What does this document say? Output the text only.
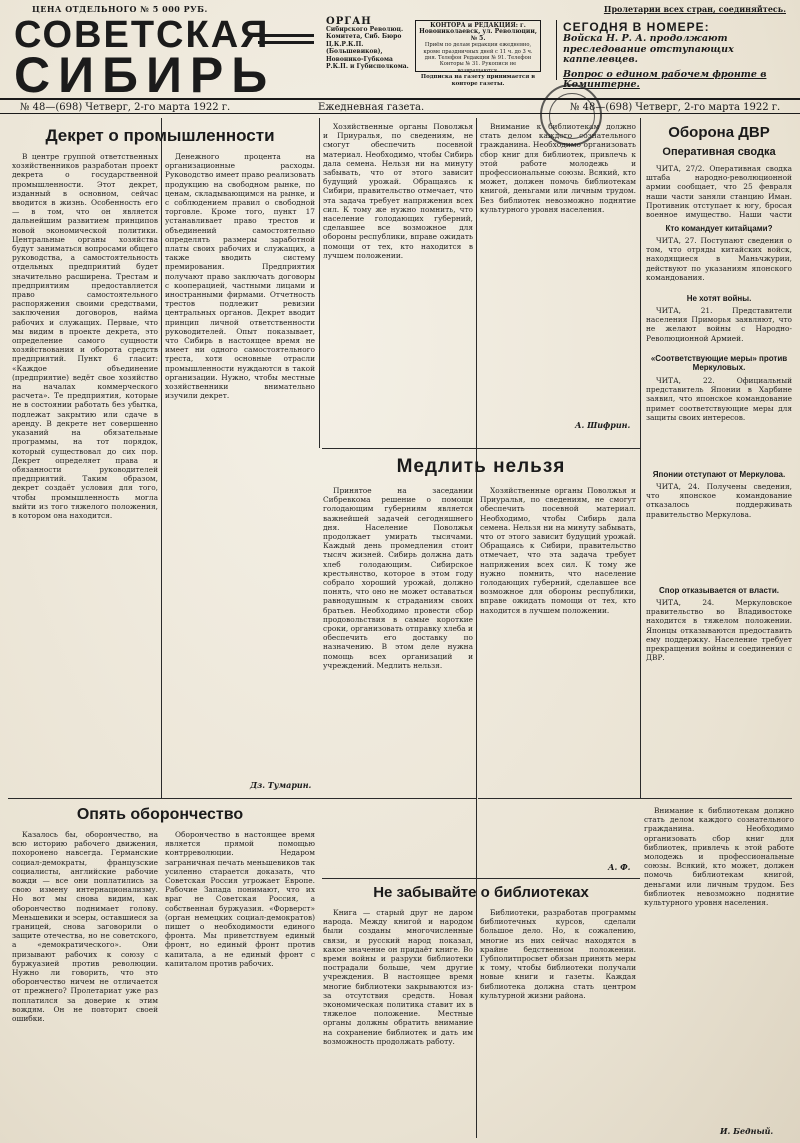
ЦЕНА ОТДЕЛЬНОГО № 5 000 РУБ.	Пролетарии всех стран, соединяйтесь.
СОВЕТСКАЯ
СИБИРЬ
ОРГАН
Сибирского Революц. Комитета, Сиб. Бюро Ц.К.Р.К.П. (Большевиков), Новонико-Губкома Р.К.П. и Губисполкома.
КОНТОРА и РЕДАКЦИЯ: г. Новониколаевск, ул. Революции, № 5.
Приём по делам редакции ежедневно, кроме праздничных дней с 11 ч. до 3 ч. дня. Телефон Редакции № 91. Телефон Конторы № 31. Рукописи не возвращаются.
Подписка на газету принимается в конторе газеты.
СЕГОДНЯ В НОМЕРЕ:
Войска Н. Р. А. продолжают преследование отступающих каппелевцев.
Вопрос о едином рабочем фронте в Коминтерне.
№ 48—(698) Четверг, 2-го марта 1922 г.	Ежедневная газета.	№ 48—(698) Четверг, 2-го марта 1922 г.
Декрет о промышленности

В центре группой ответственных хозяйственников разработан проект декрета о государственной промышленности. Этот декрет, изданный в основном, сейчас вводится в жизнь. Особенность его — в том, что он является дальнейшим развитием принципов новой экономической политики. Центральные органы хозяйства будут заниматься вопросами общего руководства, а самостоятельность отдельных предприятий будет значительно расширена. Трестам и предприятиям предоставляется право самостоятельного распоряжения своими средствами, заключения договоров, найма рабочих и служащих. Первые, что мы видим в проекте декрета, это определение самого сущности хозяйствования и оборота средств предприятий. Пункт 6 гласит: «Каждое объединение (предприятие) ведёт свое хозяйство на началах коммерческого расчета». Те предприятия, которые не в состоянии работать без убытка, подлежат закрытию или сдаче в аренду. В декрете нет совершенно указаний на обязательные программы, на тот порядок, который существовал до сих пор. Декрет определяет права и обязанности руководителей предприятий. Таким образом, декрет создаёт условия для того, чтобы промышленность могла выйти из того тяжелого положения, в котором она находится.

Денежного процента на организационные расходы. Руководство имеет право реализовать продукцию на свободном рынке, по ценам, складывающимся на рынке, и с соблюдением правил о свободной торговле. Кроме того, пункт 17 устанавливает право трестов и объединений самостоятельно определять размеры заработной платы своих рабочих и служащих, а также вводить систему премирования. Предприятия получают право заключать договоры с кооперацией, частными лицами и иностранными фирмами. Отчетность трестов подлежит ревизии центральных органов. Декрет вводит принцип личной ответственности руководителей. Опыт показывает, что Сибирь в настоящее время не имеет ни одного самостоятельного треста, хотя основные отрасли промышленности нуждаются в такой организации. Нужно, чтобы местные хозяйственники внимательно изучили декрет.

Дз. Тумарин.

Хозяйственные органы Поволжья и Приуралья, по сведениям, не смогут обеспечить посевной материал. Необходимо, чтобы Сибирь дала семена. Нельзя ни на минуту забывать, что от этого зависит будущий урожай. Обращаясь к Сибири, правительство отмечает, что эта задача требует напряжения всех сил. К тому же нужно помнить, что население голодающих губерний, сделавшее все возможное для обороны республики, вправе ожидать помощи от тех, кто находится в лучшем положении.

Внимание к библиотекам должно стать делом каждого сознательного гражданина. Необходимо организовать сбор книг для библиотек, привлечь к этой работе молодежь и профессиональные союзы. Всякий, кто может, должен помочь библиотекам книгой, деньгами или личным трудом. Без библиотек невозможно поднятие культурного уровня населения.

А. Шифрин.
Медлить нельзя

Принятое на заседании Сибревкома решение о помощи голодающим губерниям является важнейшей задачей сегодняшнего дня. Население Поволжья продолжает умирать тысячами. Каждый день промедления стоит тысяч жизней. Сибирь должна дать хлеб голодающим. Сибирское крестьянство, которое в этом году собрало хороший урожай, должно понять, что оно не может оставаться равнодушным к страданиям своих братьев. Необходимо провести сбор продовольствия в самые короткие сроки, организовать отправку хлеба и обеспечить его доставку по назначению. В этом деле нужна помощь всех организаций и учреждений. Медлить нельзя.

Хозяйственные органы Поволжья и Приуралья, по сведениям, не смогут обеспечить посевной материал. Необходимо, чтобы Сибирь дала семена. Нельзя ни на минуту забывать, что от этого зависит будущий урожай. Обращаясь к Сибири, правительство отмечает, что эта задача требует напряжения всех сил. К тому же нужно помнить, что население голодающих губерний, сделавшее все возможное для обороны республики, вправе ожидать помощи от тех, кто находится в лучшем положении.

А. Ф.
Опять оборончество

Казалось бы, оборончество, на всю историю рабочего движения, похоронено навсегда. Германские социал-демократы, французские социалисты, английские рабочие вожди — все они поплатились за свою измену интернационализму. Но вот мы снова видим, как оборончество поднимает голову. Меньшевики и эсеры, оставшиеся за границей, снова заговорили о защите отечества, но не советского, а «демократического». Они призывают рабочих к союзу с буржуазией против революции. Нужно ли говорить, что это оборончество ничем не отличается от прежнего? Пролетариат уже раз поплатился за доверие к этим вождям. Он не повторит своей ошибки.

Оборончество в настоящее время является прямой помощью контрреволюции. Недаром заграничная печать меньшевиков так усиленно старается доказать, что Советская Россия угрожает Европе. Рабочие Запада понимают, что их враг не Советская Россия, а собственная буржуазия. «Форверст» (орган немецких социал-демократов) пишет о необходимости единого фронта. Мы приветствуем единый фронт, но единый фронт против капитала, а не единый фронт с капиталом против рабочих.

Не забывайте о библиотеках

Книга — старый друг не даром народа. Между книгой и народом были созданы многочисленные связи, и русский народ показал, какое значение он придаёт книге. Во время войны и разрухи библиотеки пострадали больше, чем другие учреждения. В настоящее время многие библиотеки закрываются из-за отсутствия средств. Новая экономическая политика ставит их в тяжелое положение. Местные органы должны обратить внимание на сохранение библиотек и дать им возможность продолжать работу.

Библиотеки, разработав программы библиотечных курсов, сделали большое дело. Но, к сожалению, многие из них сейчас находятся в крайне бедственном положении. Губполитпросвет обязан принять меры к тому, чтобы библиотеки получали новые книги и газеты. Каждая библиотека должна стать центром культурной жизни района.

Внимание к библиотекам должно стать делом каждого сознательного гражданина. Необходимо организовать сбор книг для библиотек, привлечь к этой работе молодежь и профессиональные союзы. Всякий, кто может, должен помочь библиотекам книгой, деньгами или личным трудом. Без библиотек невозможно поднятие культурного уровня населения.

И. Бедный.
Оборона ДВР
Оперативная сводка

ЧИТА, 27/2. Оперативная сводка штаба народно-революционной армии сообщает, что 25 февраля наши части заняли станцию Иман. Противник отступает к югу, бросая военное имущество. Наши части

Кто командует китайцами?

ЧИТА, 27. Поступают сведения о том, что отряды китайских войск, находящиеся в Маньчжурии, действуют по указаниям японского командования.

Не хотят войны.

ЧИТА, 21. Представители населения Приморья заявляют, что не желают войны с Народно-Революционной Армией.

«Соответствующие меры» против Меркуловых.

ЧИТА, 22. Официальный представитель Японии в Харбине заявил, что японское командование примет соответствующие меры для защиты своих интересов.

Японии отступают от Меркулова.

ЧИТА, 24. Получены сведения, что японское командование отказалось поддерживать правительство Меркулова.

Спор отказывается от власти.

ЧИТА, 24. Меркуловское правительство во Владивостоке находится в тяжелом положении. Японцы отказываются предоставить ему поддержку. Население требует прекращения войны и соединения с ДВР.
